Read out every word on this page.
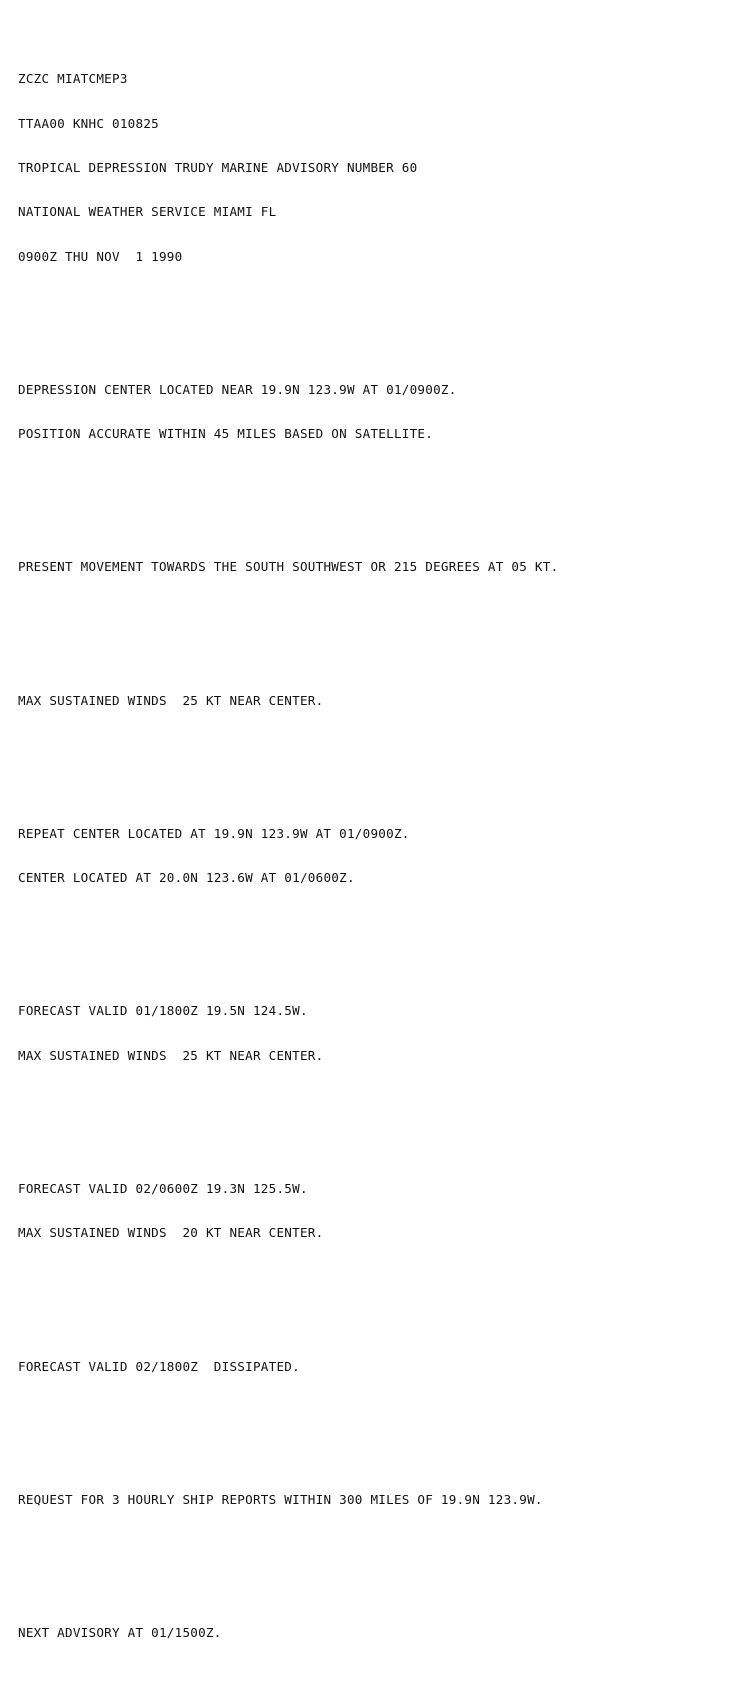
ZCZC MIATCMEP3

TTAA00 KNHC 010825

TROPICAL DEPRESSION TRUDY MARINE ADVISORY NUMBER 60

NATIONAL WEATHER SERVICE MIAMI FL

0900Z THU NOV  1 1990

DEPRESSION CENTER LOCATED NEAR 19.9N 123.9W AT 01/0900Z.

POSITION ACCURATE WITHIN 45 MILES BASED ON SATELLITE.

PRESENT MOVEMENT TOWARDS THE SOUTH SOUTHWEST OR 215 DEGREES AT 05 KT.

MAX SUSTAINED WINDS  25 KT NEAR CENTER.

REPEAT CENTER LOCATED AT 19.9N 123.9W AT 01/0900Z.

CENTER LOCATED AT 20.0N 123.6W AT 01/0600Z.

FORECAST VALID 01/1800Z 19.5N 124.5W.

MAX SUSTAINED WINDS  25 KT NEAR CENTER.

FORECAST VALID 02/0600Z 19.3N 125.5W.

MAX SUSTAINED WINDS  20 KT NEAR CENTER.

FORECAST VALID 02/1800Z  DISSIPATED.

REQUEST FOR 3 HOURLY SHIP REPORTS WITHIN 300 MILES OF 19.9N 123.9W.

NEXT ADVISORY AT 01/1500Z.
